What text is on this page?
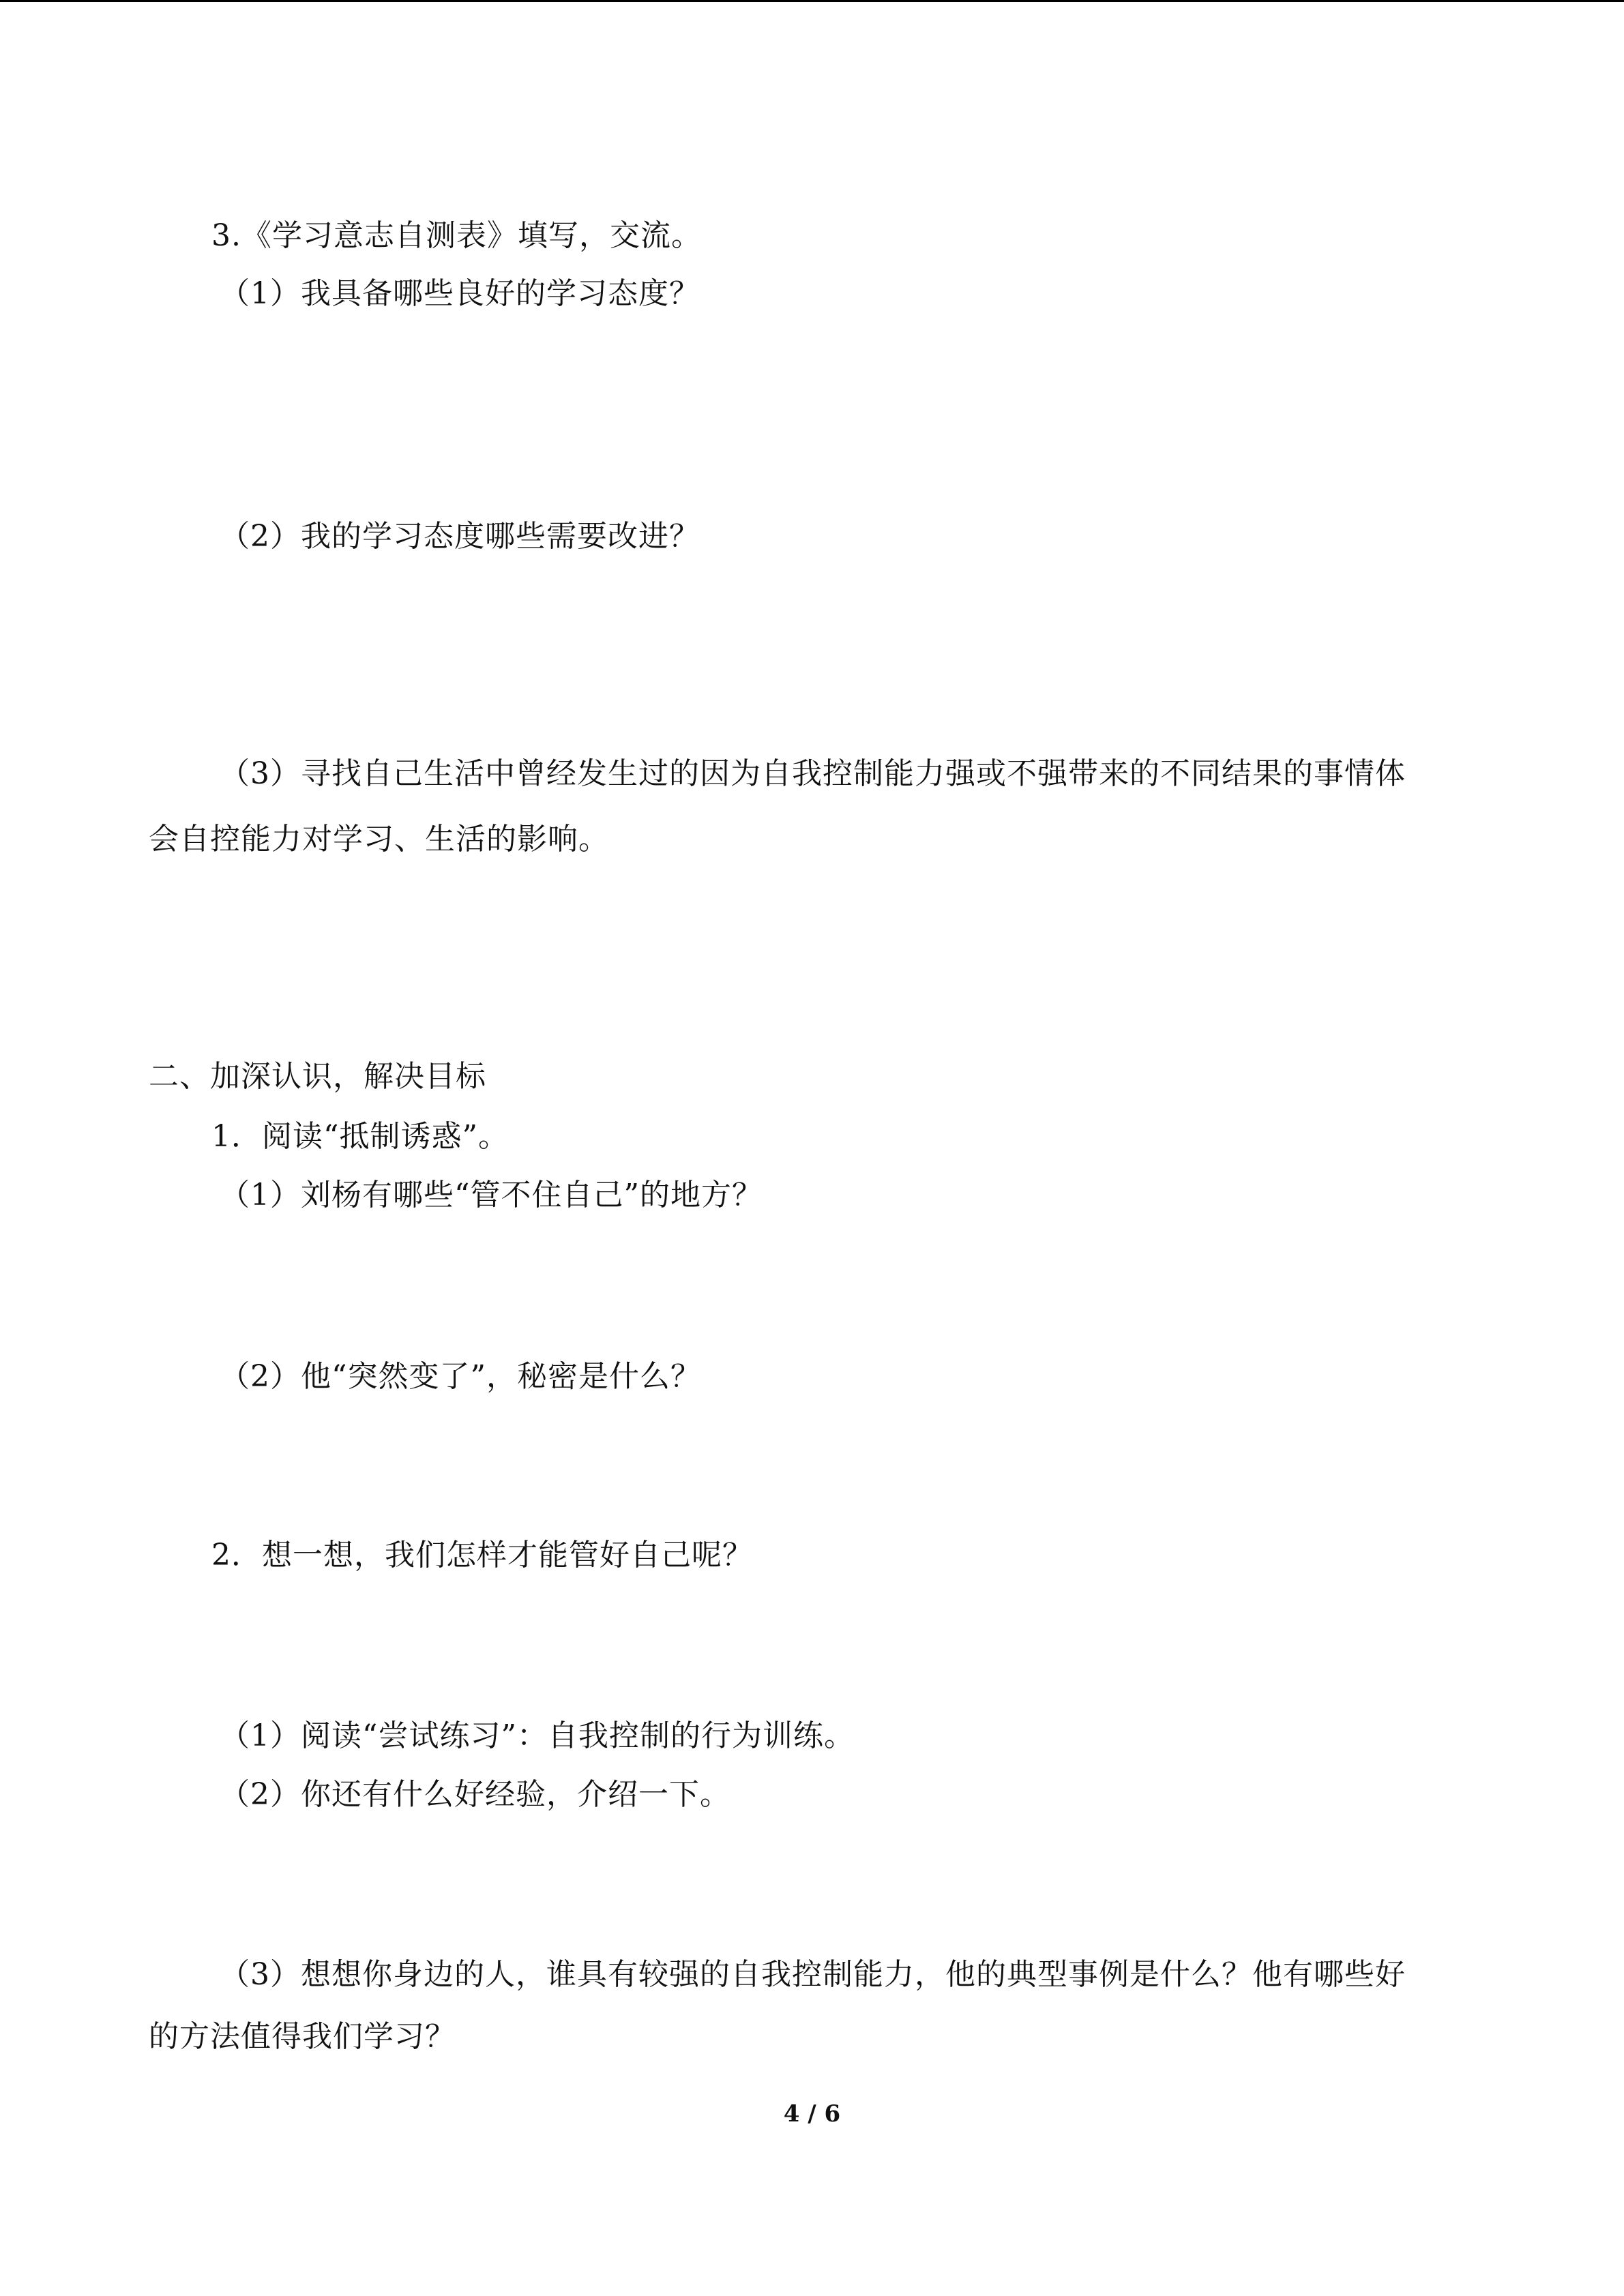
3.《学习意志自测表》填写，交流。
（1）我具备哪些良好的学习态度？
（2）我的学习态度哪些需要改进？
（3）寻找自己生活中曾经发生过的因为自我控制能力强或不强带来的不同结果的事情体
会自控能力对学习、生活的影响。
二、加深认识，解决目标
1．阅读“抵制诱惑”。
（1）刘杨有哪些“管不住自己”的地方？
（2）他“突然变了”，秘密是什么？
2．想一想，我们怎样才能管好自己呢？
（1）阅读“尝试练习”：自我控制的行为训练。
（2）你还有什么好经验，介绍一下。
（3）想想你身边的人，谁具有较强的自我控制能力，他的典型事例是什么？他有哪些好
的方法值得我们学习？
4 / 6
